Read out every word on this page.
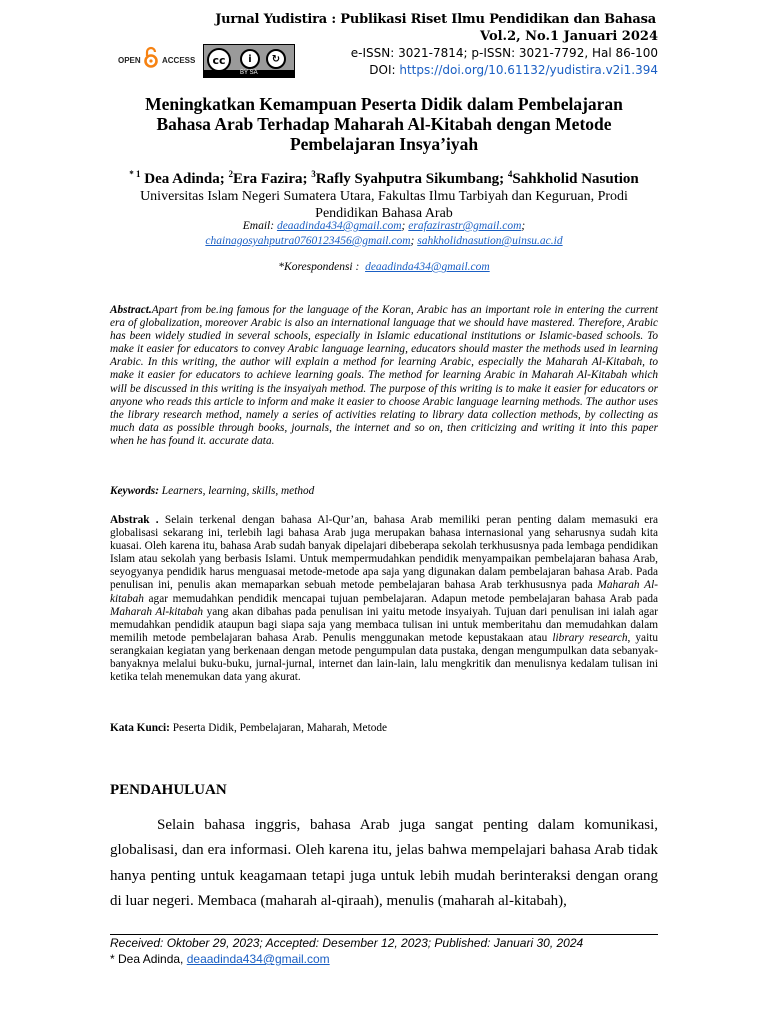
Jurnal Yudistira : Publikasi Riset Ilmu Pendidikan dan Bahasa
Vol.2, No.1 Januari 2024
e-ISSN: 3021-7814; p-ISSN: 3021-7792, Hal 86-100
DOI: https://doi.org/10.61132/yudistira.v2i1.394
OPEN	ACCESS	cc	i	↻
BY SA
Meningkatkan Kemampuan Peserta Didik dalam Pembelajaran
Bahasa Arab Terhadap Maharah Al-Kitabah dengan Metode
Pembelajaran Insya’iyah
$^{* 1}$ Dea Adinda; $^2$Era Fazira; $^3$Rafly Syahputra Sikumbang; $^4$Sahkholid Nasution
Universitas Islam Negeri Sumatera Utara, Fakultas Ilmu Tarbiyah dan Keguruan, Prodi
Pendidikan Bahasa Arab
Email: deaadinda434@gmail.com; erafazirastr@gmail.com;
chainagosyahputra0760123456@gmail.com; sahkholidnasution@uinsu.ac.id
*Korespondensi : deaadinda434@gmail.com
Abstract.Apart from be.ing famous for the language of the Koran, Arabic has an important role in entering the current era of globalization, moreover Arabic is also an international language that we should have mastered. Therefore, Arabic has been widely studied in several schools, especially in Islamic educational institutions or Islamic-based schools. To make it easier for educators to convey Arabic language learning, educators should master the methods used in learning Arabic. In this writing, the author will explain a method for learning Arabic, especially the Maharah Al-Kitabah, to make it easier for educators to achieve learning goals. The method for learning Arabic in Maharah Al-Kitabah which will be discussed in this writing is the insyaiyah method. The purpose of this writing is to make it easier for educators or anyone who reads this article to inform and make it easier to choose Arabic language learning methods. The author uses the library research method, namely a series of activities relating to library data collection methods, by collecting as much data as possible through books, journals, the internet and so on, then criticizing and writing it into this paper when he has found it. accurate data.
Keywords: Learners, learning, skills, method
Abstrak . Selain terkenal dengan bahasa Al-Qur’an, bahasa Arab memiliki peran penting dalam memasuki era globalisasi sekarang ini, terlebih lagi bahasa Arab juga merupakan bahasa internasional yang seharusnya sudah kita kuasai. Oleh karena itu, bahasa Arab sudah banyak dipelajari dibeberapa sekolah terkhususnya pada lembaga pendidikan Islam atau sekolah yang berbasis Islami. Untuk mempermudahkan pendidik menyampaikan pembelajaran bahasa Arab, seyogyanya pendidik harus menguasai metode-metode apa saja yang digunakan dalam pembelajaran bahasa Arab. Pada penulisan ini, penulis akan memaparkan sebuah metode pembelajaran bahasa Arab terkhususnya pada Maharah Al-kitabah agar memudahkan pendidik mencapai tujuan pembelajaran. Adapun metode pembelajaran bahasa Arab pada Maharah Al-kitabah yang akan dibahas pada penulisan ini yaitu metode insyaiyah. Tujuan dari penulisan ini ialah agar memudahkan pendidik ataupun bagi siapa saja yang membaca tulisan ini untuk memberitahu dan memudahkan dalam memilih metode pembelajaran bahasa Arab. Penulis menggunakan metode kepustakaan atau library research, yaitu serangkaian kegiatan yang berkenaan dengan metode pengumpulan data pustaka, dengan mengumpulkan data sebanyak-banyaknya melalui buku-buku, jurnal-jurnal, internet dan lain-lain, lalu mengkritik dan menulisnya kedalam tulisan ini ketika telah menemukan data yang akurat.
Kata Kunci: Peserta Didik, Pembelajaran, Maharah, Metode
PENDAHULUAN
Selain bahasa inggris, bahasa Arab juga sangat penting dalam komunikasi, globalisasi, dan era informasi. Oleh karena itu, jelas bahwa mempelajari bahasa Arab tidak hanya penting untuk keagamaan tetapi juga untuk lebih mudah berinteraksi dengan orang di luar negeri. Membaca (maharah al-qiraah), menulis (maharah al-kitabah),
Received: Oktober 29, 2023; Accepted: Desember 12, 2023; Published: Januari 30, 2024
* Dea Adinda, deaadinda434@gmail.com
